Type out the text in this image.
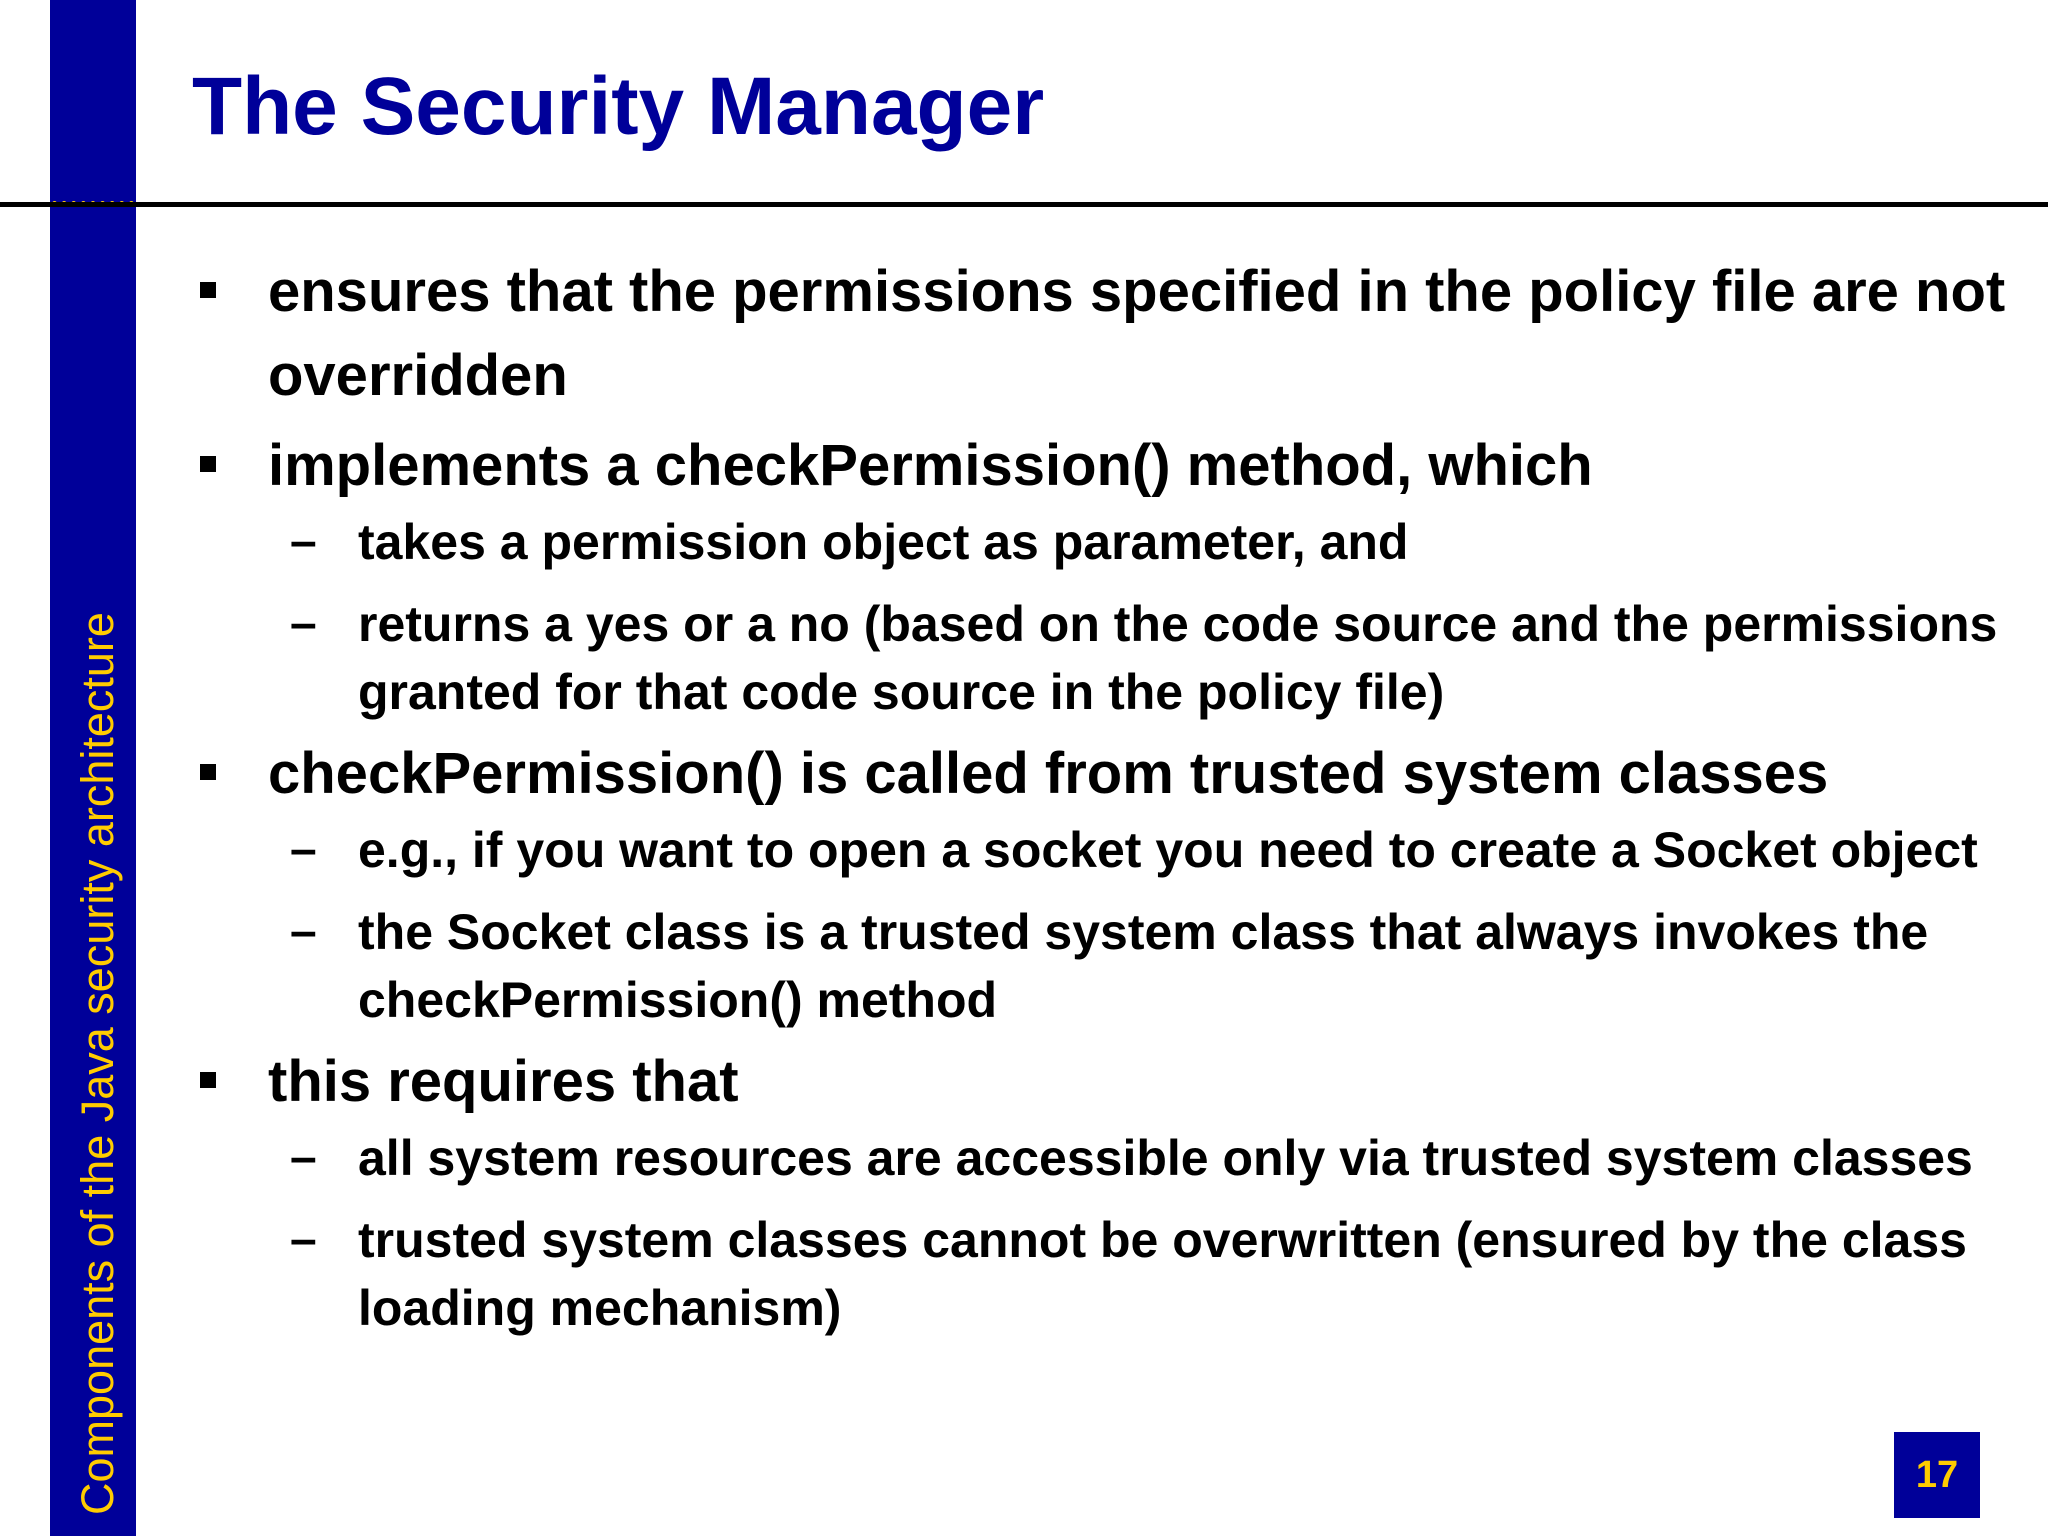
Components of the Java security architecture
The Security Manager
ensures that the permissions specified in the policy file are not overridden
implements a checkPermission() method, which
– takes a permission object as parameter, and
– returns a yes or a no (based on the code source and the permissions granted for that code source in the policy file)
checkPermission() is called from trusted system classes
– e.g., if you want to open a socket you need to create a Socket object
– the Socket class is a trusted system class that always invokes the checkPermission() method
this requires that
– all system resources are accessible only via trusted system classes
– trusted system classes cannot be overwritten (ensured by the class loading mechanism)
17
